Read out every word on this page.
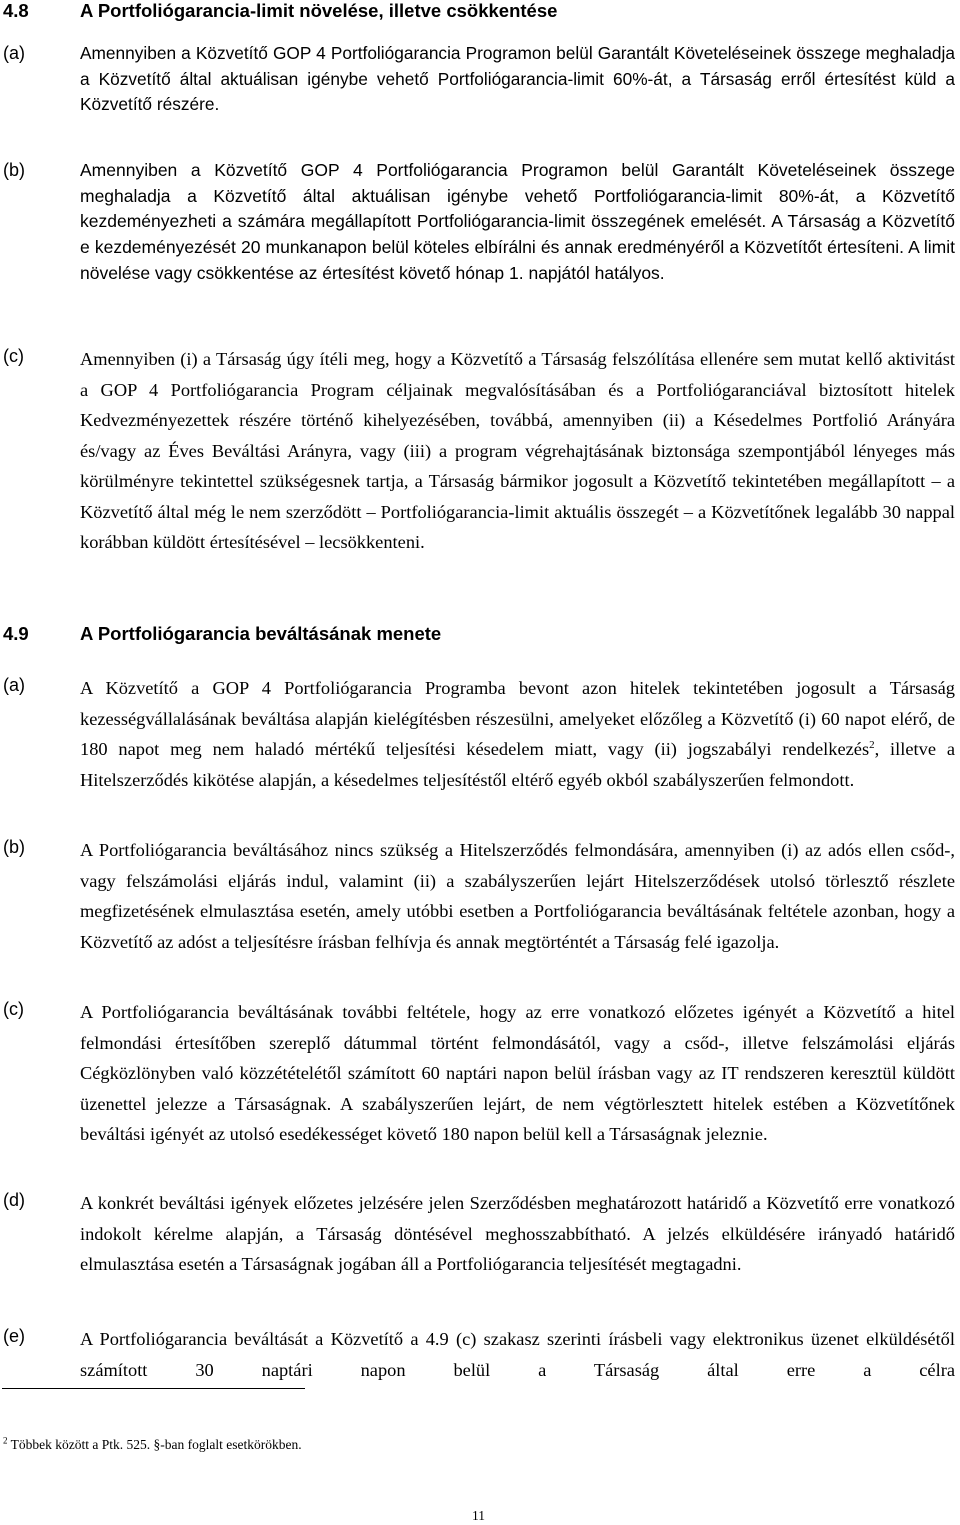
4.8	A Portfoliógarancia-limit növelése, illetve csökkentése
(a)	Amennyiben a Közvetítő GOP 4 Portfoliógarancia Programon belül Garantált Követeléseinek összege meghaladja a Közvetítő által aktuálisan igénybe vehető Portfoliógarancia-limit 60%-át, a Társaság erről értesítést küld a Közvetítő részére.
(b)	Amennyiben a Közvetítő GOP 4 Portfoliógarancia Programon belül Garantált Követeléseinek összege meghaladja a Közvetítő által aktuálisan igénybe vehető Portfoliógarancia-limit 80%-át, a Közvetítő kezdeményezheti a számára megállapított Portfoliógarancia-limit összegének emelését. A Társaság a Közvetítő e kezdeményezését 20 munkanapon belül köteles elbírálni és annak eredményéről a Közvetítőt értesíteni. A limit növelése vagy csökkentése az értesítést követő hónap 1. napjától hatályos.
(c)	Amennyiben (i) a Társaság úgy ítéli meg, hogy a Közvetítő a Társaság felszólítása ellenére sem mutat kellő aktivitást a GOP 4 Portfoliógarancia Program céljainak megvalósításában és a Portfoliógaranciával biztosított hitelek Kedvezményezettek részére történő kihelyezésében, továbbá, amennyiben (ii) a Késedelmes Portfolió Arányára és/vagy az Éves Beváltási Arányra, vagy (iii) a program végrehajtásának biztonsága szempontjából lényeges más körülményre tekintettel szükségesnek tartja, a Társaság bármikor jogosult a Közvetítő tekintetében megállapított – a Közvetítő által még le nem szerződött – Portfoliógarancia-limit aktuális összegét – a Közvetítőnek legalább 30 nappal korábban küldött értesítésével – lecsökkenteni.
4.9	A Portfoliógarancia beváltásának menete
(a)	A Közvetítő a GOP 4 Portfoliógarancia Programba bevont azon hitelek tekintetében jogosult a Társaság kezességvállalásának beváltása alapján kielégítésben részesülni, amelyeket előzőleg a Közvetítő (i) 60 napot elérő, de 180 napot meg nem haladó mértékű teljesítési késedelem miatt, vagy (ii) jogszabályi rendelkezés$^2$, illetve a Hitelszerződés kikötése alapján, a késedelmes teljesítéstől eltérő egyéb okból szabályszerűen felmondott.
(b)	A Portfoliógarancia beváltásához nincs szükség a Hitelszerződés felmondására, amennyiben (i) az adós ellen csőd-, vagy felszámolási eljárás indul, valamint (ii) a szabályszerűen lejárt Hitelszerződések utolsó törlesztő részlete megfizetésének elmulasztása esetén, amely utóbbi esetben a Portfoliógarancia beváltásának feltétele azonban, hogy a Közvetítő az adóst a teljesítésre írásban felhívja és annak megtörténtét a Társaság felé igazolja.
(c)	A Portfoliógarancia beváltásának további feltétele, hogy az erre vonatkozó előzetes igényét a Közvetítő a hitel felmondási értesítőben szereplő dátummal történt felmondásától, vagy a csőd-, illetve felszámolási eljárás Cégközlönyben való közzétételétől számított 60 naptári napon belül írásban vagy az IT rendszeren keresztül küldött üzenettel jelezze a Társaságnak. A szabályszerűen lejárt, de nem végtörlesztett hitelek estében a Közvetítőnek beváltási igényét az utolsó esedékességet követő 180 napon belül kell a Társaságnak jeleznie.
(d)	A konkrét beváltási igények előzetes jelzésére jelen Szerződésben meghatározott határidő a Közvetítő erre vonatkozó indokolt kérelme alapján, a Társaság döntésével meghosszabbítható. A jelzés elküldésére irányadó határidő elmulasztása esetén a Társaságnak jogában áll a Portfoliógarancia teljesítését megtagadni.
(e)	A Portfoliógarancia beváltását a Közvetítő a 4.9 (c) szakasz szerinti írásbeli vagy elektronikus üzenet elküldésétől számított 30 naptári napon belül a Társaság által erre a célra
$^2$ Többek között a Ptk. 525. §-ban foglalt esetkörökben.
11
